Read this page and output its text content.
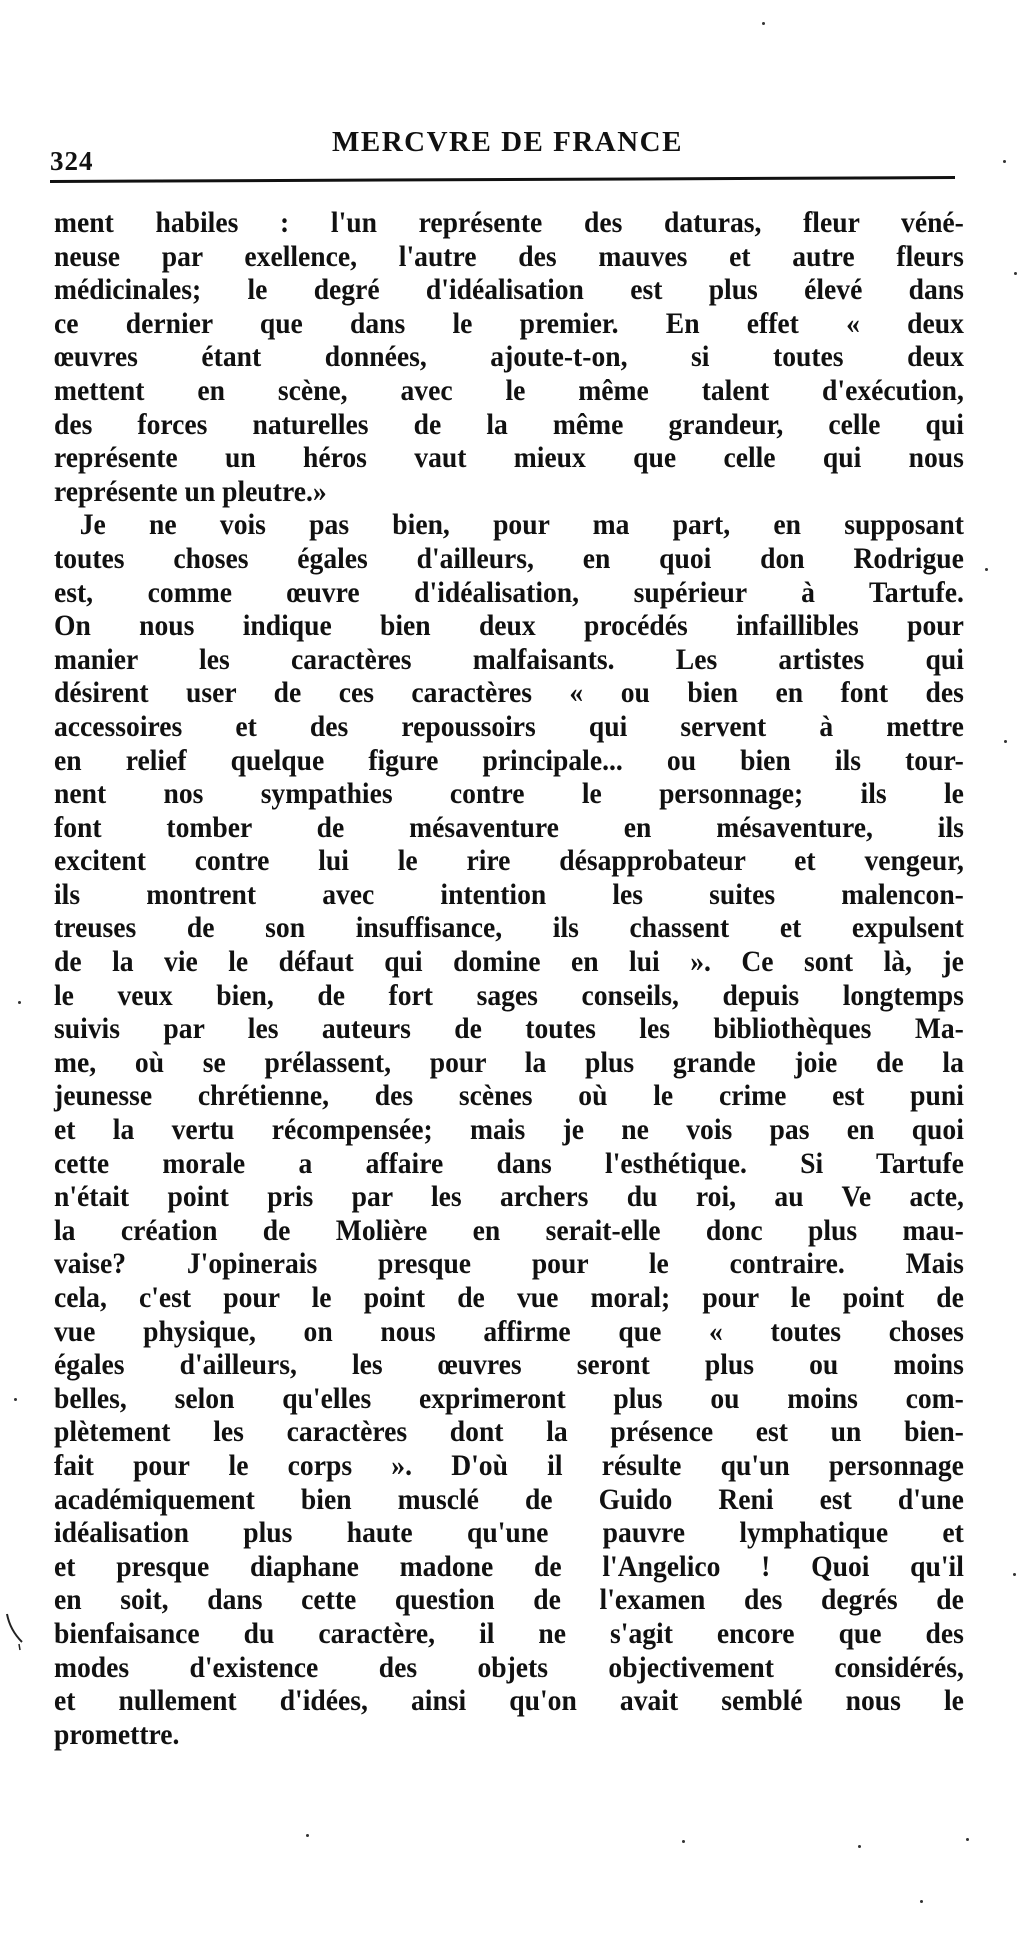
324
MERCVRE DE FRANCE
ment habiles : l'un représente des daturas, fleur véné-
neuse par exellence, l'autre des mauves et autre fleurs
médicinales; le degré d'idéalisation est plus élevé dans
ce dernier que dans le premier. En effet « deux
œuvres étant données, ajoute-t-on, si toutes deux
mettent en scène, avec le même talent d'exécution,
des forces naturelles de la même grandeur, celle qui
représente un héros vaut mieux que celle qui nous
représente un pleutre.»
Je ne vois pas bien, pour ma part, en supposant
toutes choses égales d'ailleurs, en quoi don Rodrigue
est, comme œuvre d'idéalisation, supérieur à Tartufe.
On nous indique bien deux procédés infaillibles pour
manier les caractères malfaisants. Les artistes qui
désirent user de ces caractères « ou bien en font des
accessoires et des repoussoirs qui servent à mettre
en relief quelque figure principale... ou bien ils tour-
nent nos sympathies contre le personnage; ils le
font tomber de mésaventure en mésaventure, ils
excitent contre lui le rire désapprobateur et vengeur,
ils montrent avec intention les suites malencon-
treuses de son insuffisance, ils chassent et expulsent
de la vie le défaut qui domine en lui ». Ce sont là, je
le veux bien, de fort sages conseils, depuis longtemps
suivis par les auteurs de toutes les bibliothèques Ma-
me, où se prélassent, pour la plus grande joie de la
jeunesse chrétienne, des scènes où le crime est puni
et la vertu récompensée; mais je ne vois pas en quoi
cette morale a affaire dans l'esthétique. Si Tartufe
n'était point pris par les archers du roi, au Ve acte,
la création de Molière en serait-elle donc plus mau-
vaise? J'opinerais presque pour le contraire. Mais
cela, c'est pour le point de vue moral; pour le point de
vue physique, on nous affirme que « toutes choses
égales d'ailleurs, les œuvres seront plus ou moins
belles, selon qu'elles exprimeront plus ou moins com-
plètement les caractères dont la présence est un bien-
fait pour le corps ». D'où il résulte qu'un personnage
académiquement bien musclé de Guido Reni est d'une
idéalisation plus haute qu'une pauvre lymphatique et
et presque diaphane madone de l'Angelico ! Quoi qu'il
en soit, dans cette question de l'examen des degrés de
bienfaisance du caractère, il ne s'agit encore que des
modes d'existence des objets objectivement considérés,
et nullement d'idées, ainsi qu'on avait semblé nous le
promettre.
